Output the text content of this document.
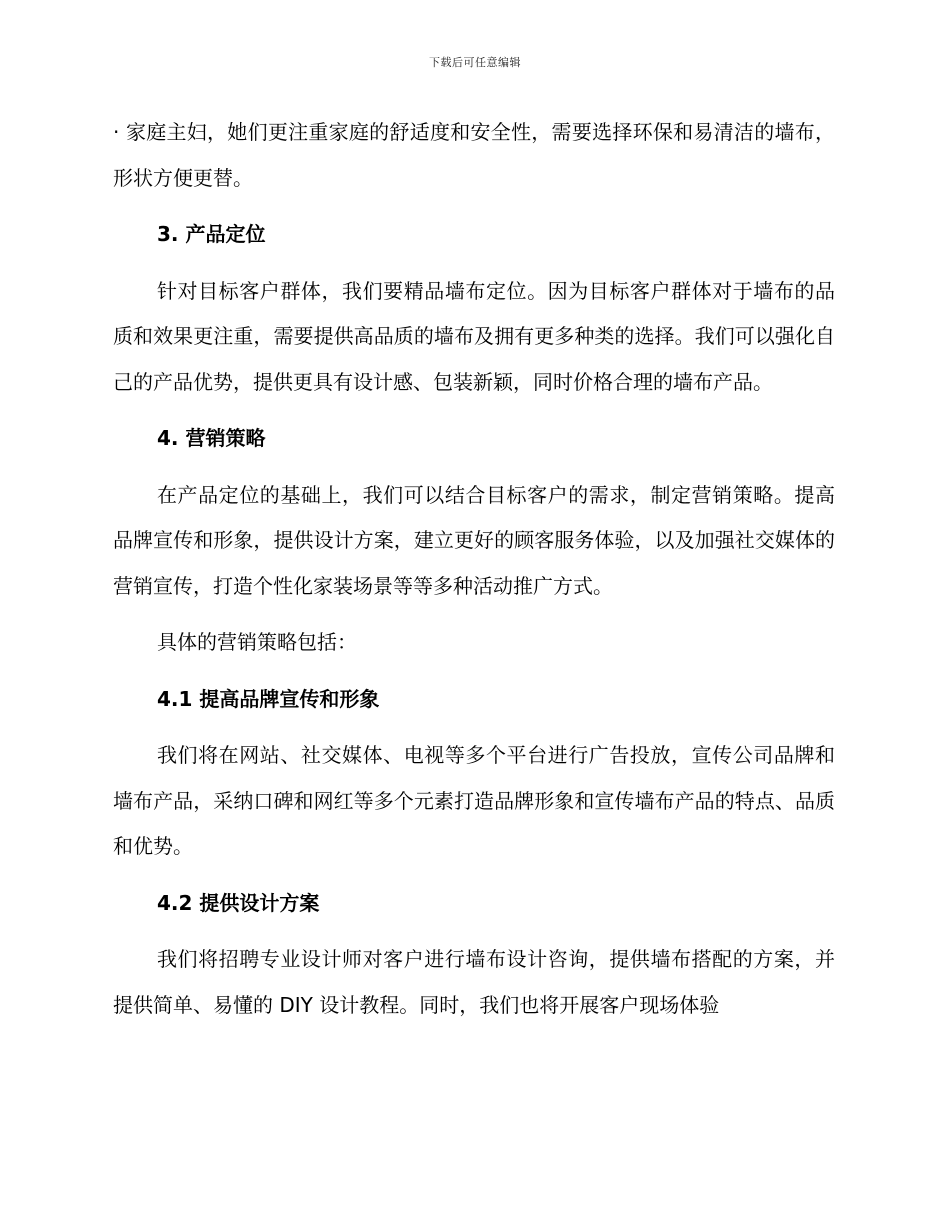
下载后可任意编辑

· 家庭主妇，她们更注重家庭的舒适度和安全性，需要选择环保和易清洁的墙布，形状方便更替。

3. 产品定位

针对目标客户群体，我们要精品墙布定位。因为目标客户群体对于墙布的品质和效果更注重，需要提供高品质的墙布及拥有更多种类的选择。我们可以强化自己的产品优势，提供更具有设计感、包装新颖，同时价格合理的墙布产品。

4. 营销策略

在产品定位的基础上，我们可以结合目标客户的需求，制定营销策略。提高品牌宣传和形象，提供设计方案，建立更好的顾客服务体验，以及加强社交媒体的营销宣传，打造个性化家装场景等等多种活动推广方式。

具体的营销策略包括：

4.1 提高品牌宣传和形象

我们将在网站、社交媒体、电视等多个平台进行广告投放，宣传公司品牌和墙布产品，采纳口碑和网红等多个元素打造品牌形象和宣传墙布产品的特点、品质和优势。

4.2 提供设计方案

我们将招聘专业设计师对客户进行墙布设计咨询，提供墙布搭配的方案，并提供简单、易懂的 DIY 设计教程。同时，我们也将开展客户现场体验
